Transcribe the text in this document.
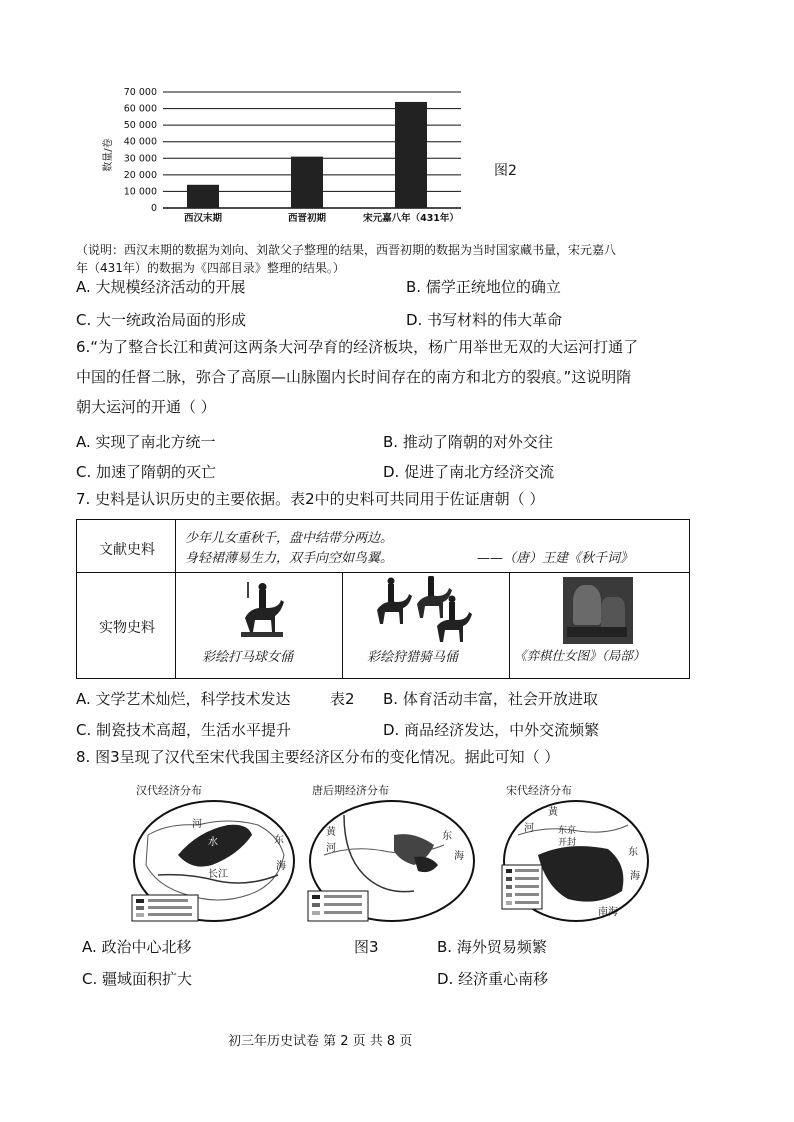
数量/卷
0
10 000
20 000
30 000
40 000
50 000
60 000
70 000
西汉末期	西晋初期	宋元嘉八年（431年）
图2
（说明：西汉末期的数据为刘向、刘歆父子整理的结果，西晋初期的数据为当时国家藏书量，宋元嘉八
年（431年）的数据为《四部目录》整理的结果。）
A. 大规模经济活动的开展	B. 儒学正统地位的确立
C. 大一统政治局面的形成	D. 书写材料的伟大革命
6.“为了整合长江和黄河这两条大河孕育的经济板块，杨广用举世无双的大运河打通了
中国的任督二脉，弥合了高原—山脉圈内长时间存在的南方和北方的裂痕。”这说明隋
朝大运河的开通（ ）
A. 实现了南北方统一	B. 推动了隋朝的对外交往
C. 加速了隋朝的灭亡	D. 促进了南北方经济交流
7. 史料是认识历史的主要依据。表2中的史料可共同用于佐证唐朝（ ）
文献史料
少年儿女重秋千，盘中结带分两边。
身轻裙薄易生力，双手向空如鸟翼。	——（唐）王建《秋千词》
实物史料
彩绘打马球女俑	彩绘狩猎骑马俑	《弈棋仕女图》（局部）
A. 文学艺术灿烂，科学技术发达	表2 B. 体育活动丰富，社会开放进取
C. 制瓷技术高超，生活水平提升	D. 商品经济发达，中外交流频繁
8. 图3呈现了汉代至宋代我国主要经济区分布的变化情况。据此可知（ ）
汉代经济分布
河
水	东
长江
海
唐后期经济分布
黄
河
东
海
宋代经济分布
黄
河	东京
开封
东
海
南海
A. 政治中心北移	图3	B. 海外贸易频繁
C. 疆域面积扩大	D. 经济重心南移
初三年历史试卷 第 2 页 共 8 页
